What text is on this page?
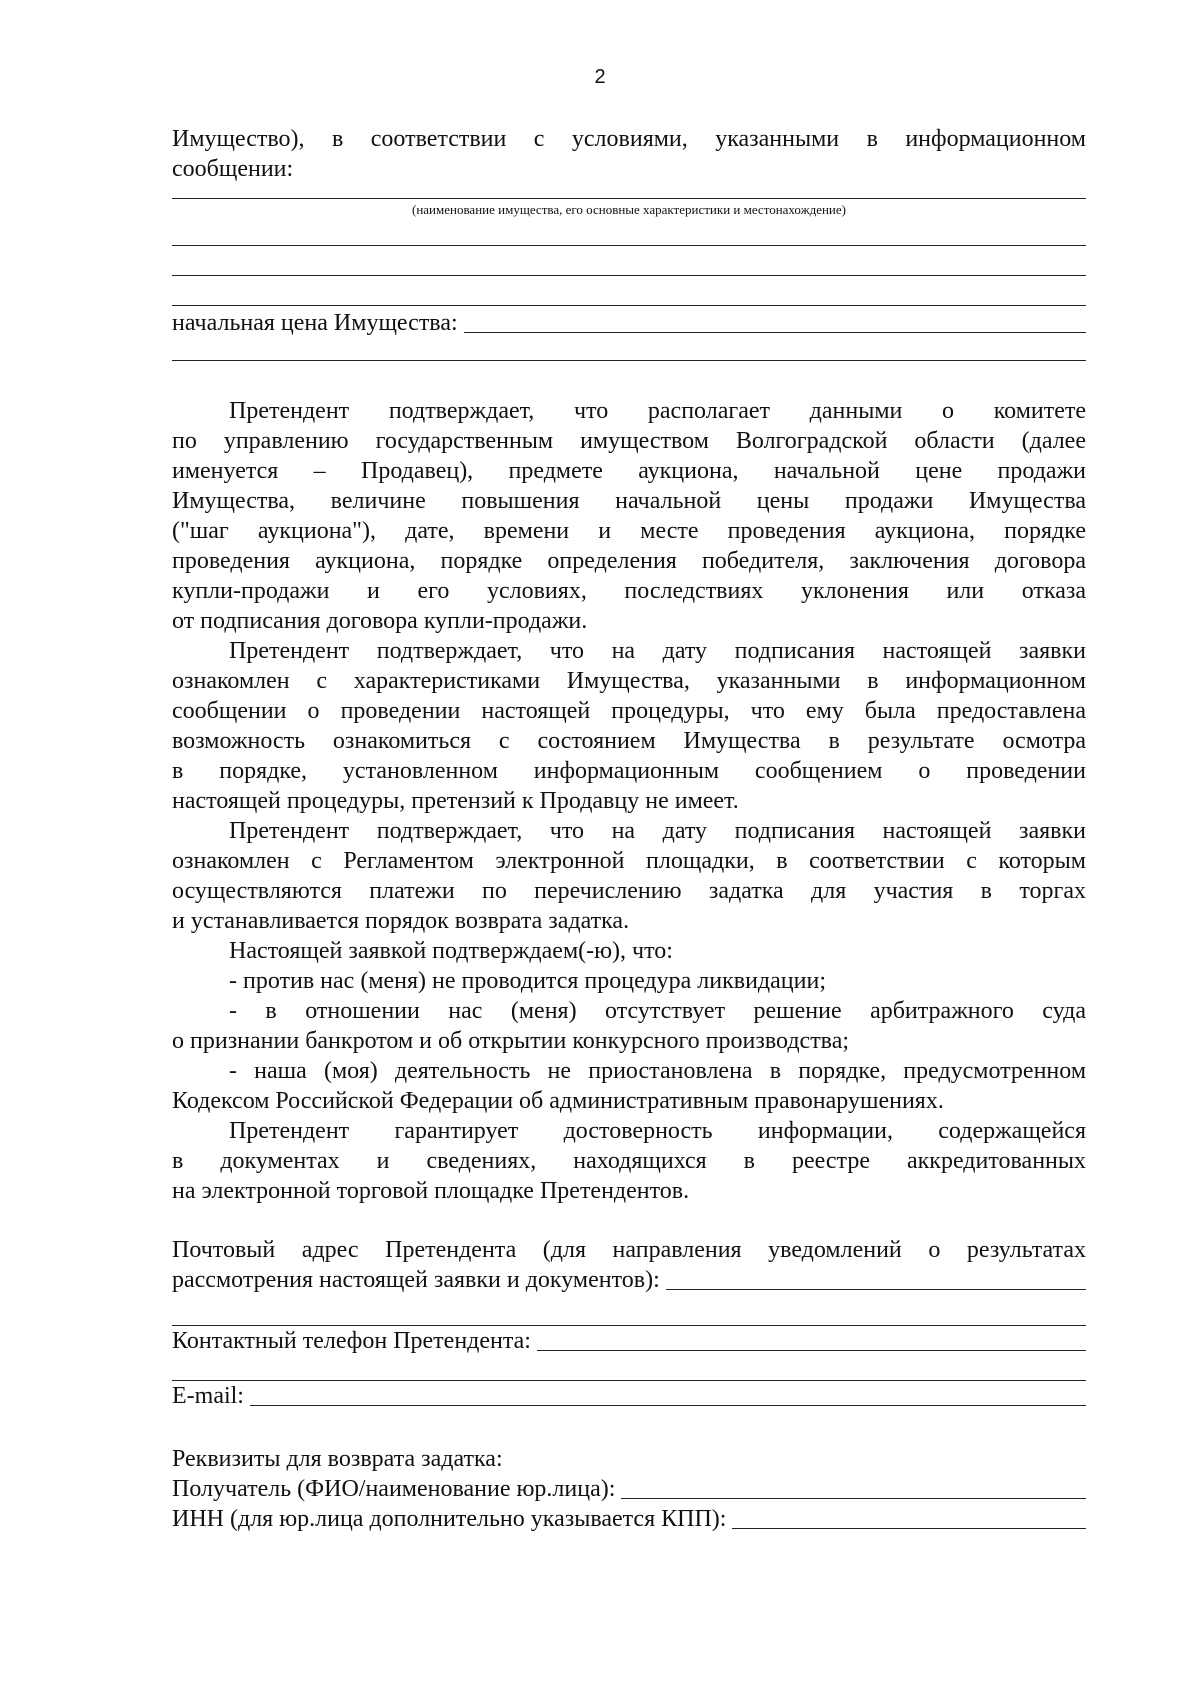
2

Имущество), в соответствии с условиями, указанными в информационном

сообщении:

(наименование имущества, его основные характеристики и местонахождение)
начальная цена Имущества:

Претендент подтверждает, что располагает данными о комитете

по управлению государственным имуществом Волгоградской области (далее

именуется – Продавец), предмете аукциона, начальной цене продажи

Имущества, величине повышения начальной цены продажи Имущества

("шаг аукциона"), дате, времени и месте проведения аукциона, порядке

проведения аукциона, порядке определения победителя, заключения договора

купли-продажи и его условиях, последствиях уклонения или отказа

от подписания договора купли-продажи.

Претендент подтверждает, что на дату подписания настоящей заявки

ознакомлен с характеристиками Имущества, указанными в информационном

сообщении о проведении настоящей процедуры, что ему была предоставлена

возможность ознакомиться с состоянием Имущества в результате осмотра

в порядке, установленном информационным сообщением о проведении

настоящей процедуры, претензий к Продавцу не имеет.

Претендент подтверждает, что на дату подписания настоящей заявки

ознакомлен с Регламентом электронной площадки, в соответствии с которым

осуществляются платежи по перечислению задатка для участия в торгах

и устанавливается порядок возврата задатка.

Настоящей заявкой подтверждаем(-ю), что:

- против нас (меня) не проводится процедура ликвидации;

- в отношении нас (меня) отсутствует решение арбитражного суда

о признании банкротом и об открытии конкурсного производства;

- наша (моя) деятельность не приостановлена в порядке, предусмотренном

Кодексом Российской Федерации об административным правонарушениях.

Претендент гарантирует достоверность информации, содержащейся

в документах и сведениях, находящихся в реестре аккредитованных

на электронной торговой площадке Претендентов.

Почтовый адрес Претендента (для направления уведомлений о результатах

рассмотрения настоящей заявки и документов):
Контактный телефон Претендента:
E-mail:

Реквизиты для возврата задатка:

Получатель (ФИО/наименование юр.лица):
ИНН (для юр.лица дополнительно указывается КПП):
